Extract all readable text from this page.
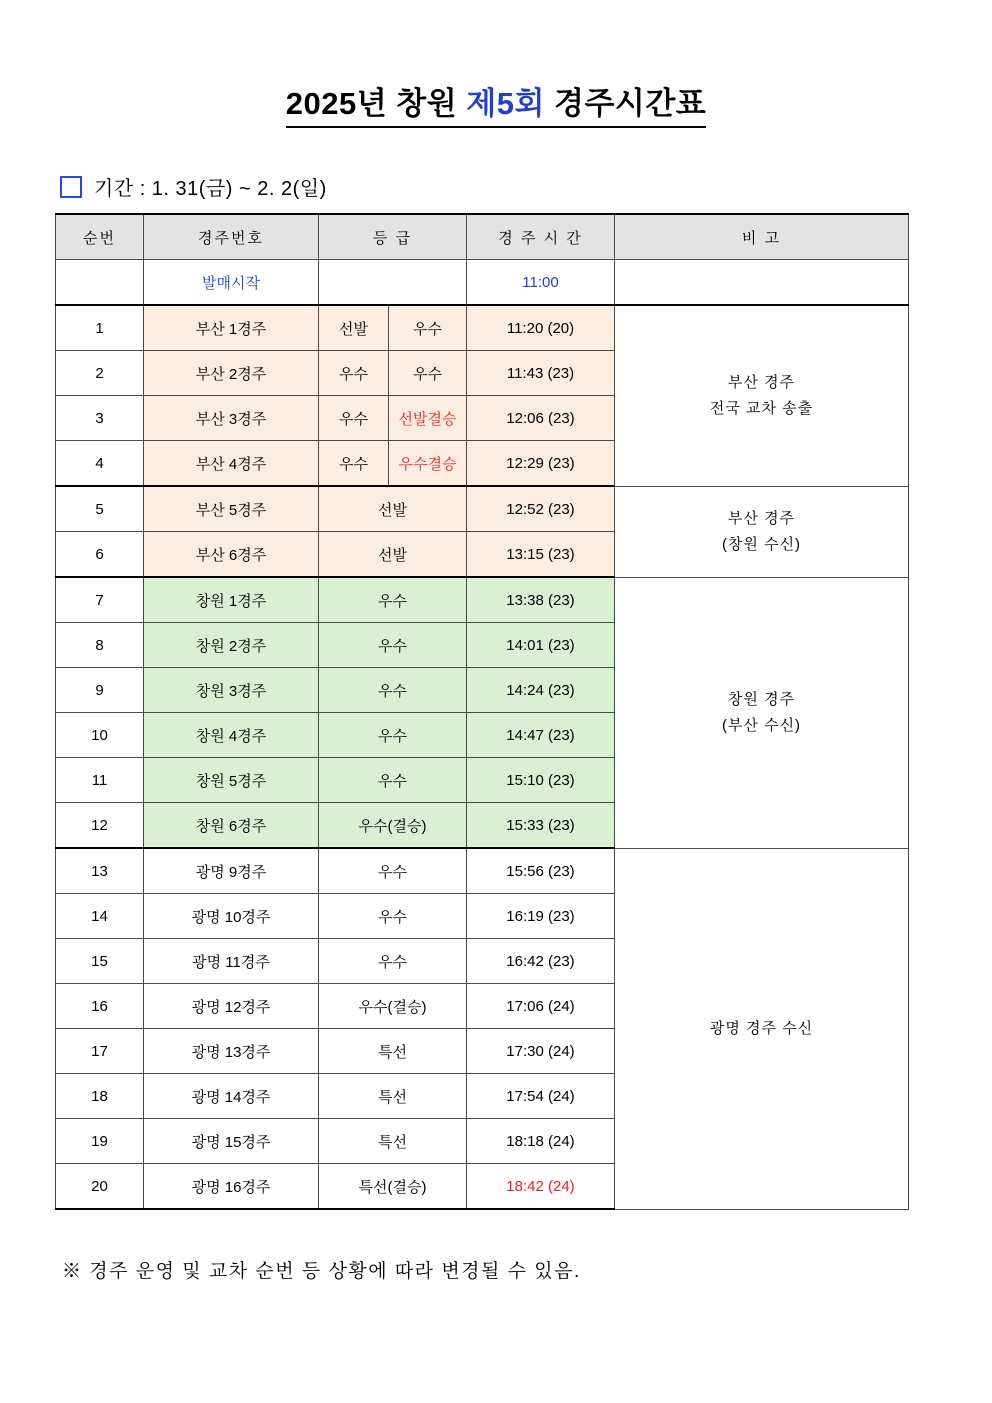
2025년 창원 제5회 경주시간표
기간 : 1. 31(금) ~ 2. 2(일)
순번	경주번호	등 급		경 주 시 간	비 고
	발매시작			11:00	
1	부산 1경주	선발	우수	11:20 (20)	부산 경주
전국 교차 송출
2	부산 2경주	우수	우수	11:43 (23)	
3	부산 3경주	우수	선발결승	12:06 (23)	
4	부산 4경주	우수	우수결승	12:29 (23)	
5	부산 5경주	선발		12:52 (23)	부산 경주
(창원 수신)
6	부산 6경주	선발		13:15 (23)	
7	창원 1경주	우수		13:38 (23)	창원 경주
(부산 수신)
8	창원 2경주	우수		14:01 (23)	
9	창원 3경주	우수		14:24 (23)	
10	창원 4경주	우수		14:47 (23)	
11	창원 5경주	우수		15:10 (23)	
12	창원 6경주	우수(결승)		15:33 (23)	
13	광명 9경주	우수		15:56 (23)	광명 경주 수신
14	광명 10경주	우수		16:19 (23)	
15	광명 11경주	우수		16:42 (23)	
16	광명 12경주	우수(결승)		17:06 (24)	
17	광명 13경주	특선		17:30 (24)	
18	광명 14경주	특선		17:54 (24)	
19	광명 15경주	특선		18:18 (24)	
20	광명 16경주	특선(결승)		18:42 (24)	
※ 경주 운영 및 교차 순번 등 상황에 따라 변경될 수 있음.
